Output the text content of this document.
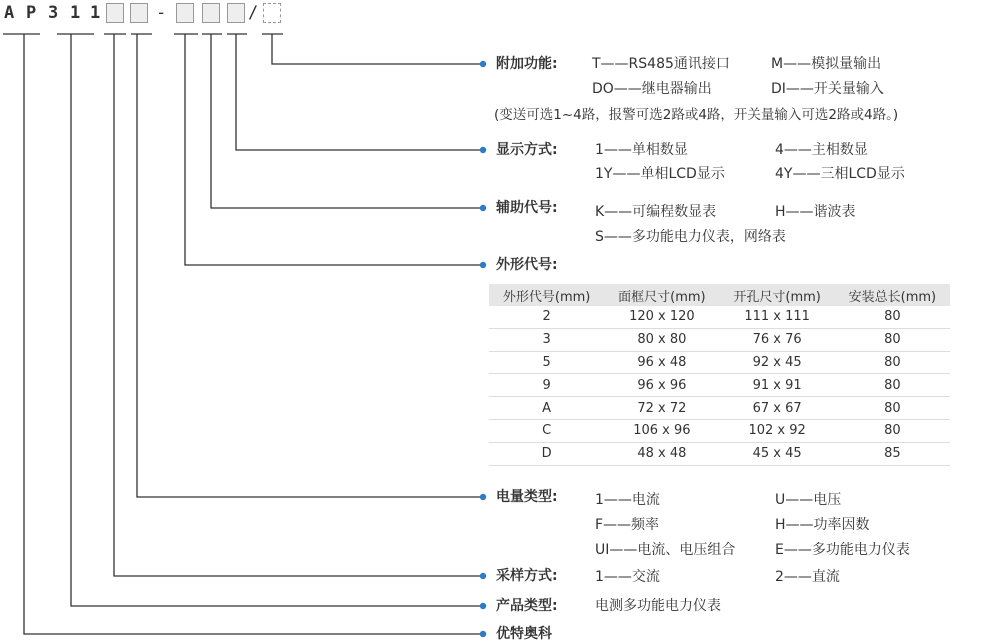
A P 3 1 1	-	/
附加功能: T——RS485通讯接口	M——模拟量输出
DO——继电器输出	DI——开关量输入
(变送可选1~4路，报警可选2路或4路，开关量输入可选2路或4路。)
显示方式:	1——单相数显	4——主相数显
1Y——单相LCD显示	4Y——三相LCD显示
辅助代号:	K——可编程数显表	H——谐波表
S——多功能电力仪表，网络表
外形代号:
外形代号(mm)	面框尺寸(mm)	开孔尺寸(mm)	安装总长(mm)
2	120 x 120	111 x 111	80
3	80 x 80	76 x 76	80
5	96 x 48	92 x 45	80
9	96 x 96	91 x 91	80
A	72 x 72	67 x 67	80
C	106 x 96	102 x 92	80
D	48 x 48	45 x 45	85
电量类型:	1——电流	U——电压
F——频率	H——功率因数
UI——电流、电压组合	E——多功能电力仪表
采样方式:	1——交流	2——直流
产品类型:	电测多功能电力仪表
优特奥科
